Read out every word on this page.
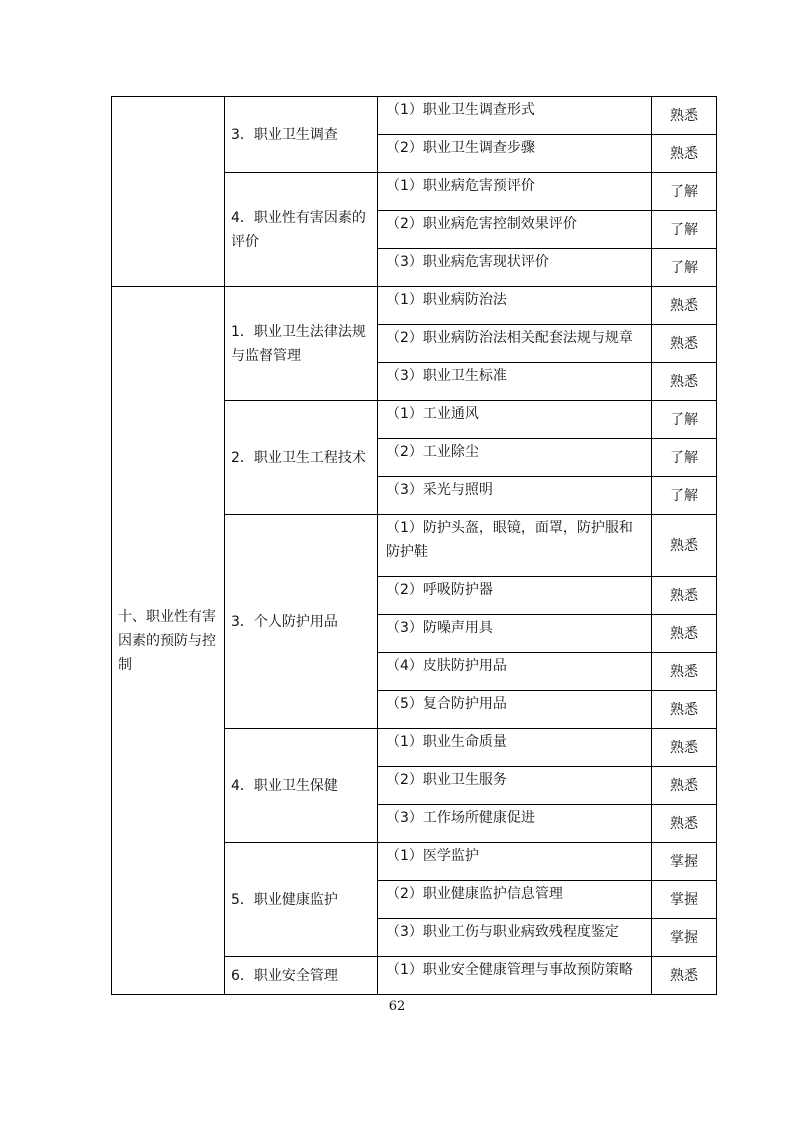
	3．职业卫生调查	（1）职业卫生调查形式	熟悉
		（2）职业卫生调查步骤	熟悉

	4．职业性有害因素的评价	（1）职业病危害预评价	了解
		（2）职业病危害控制效果评价	了解
		（3）职业病危害现状评价	了解
十、职业性有害因素的预防与控制	1．职业卫生法律法规与监督管理	（1）职业病防治法	熟悉
		（2）职业病防治法相关配套法规与规章	熟悉
		（3）职业卫生标准	熟悉

	2．职业卫生工程技术	（1）工业通风	了解
		（2）工业除尘	了解
		（3）采光与照明	了解

	3．个人防护用品	（1）防护头盔，眼镜，面罩，防护服和防护鞋	熟悉
		（2）呼吸防护器	熟悉
		（3）防噪声用具	熟悉
		（4）皮肤防护用品	熟悉
		（5）复合防护用品	熟悉

	4．职业卫生保健	（1）职业生命质量	熟悉
		（2）职业卫生服务	熟悉
		（3）工作场所健康促进	熟悉

	5．职业健康监护	（1）医学监护	掌握
		（2）职业健康监护信息管理	掌握
		（3）职业工伤与职业病致残程度鉴定	掌握

	6．职业安全管理	（1）职业安全健康管理与事故预防策略	熟悉
62
